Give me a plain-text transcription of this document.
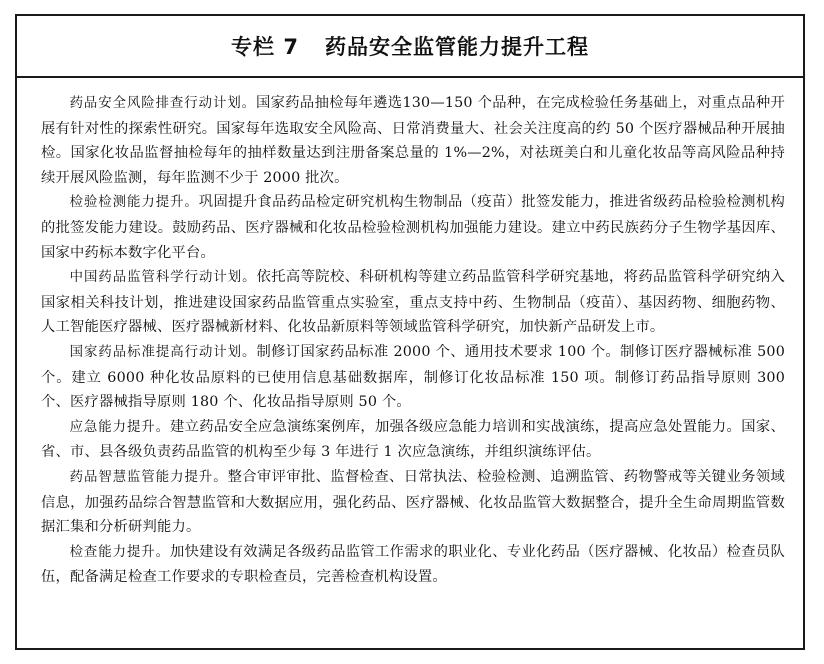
专栏 7 药品安全监管能力提升工程

药品安全风险排查行动计划。国家药品抽检每年遴选130—150 个品种，在完成检验任务基础上，对重点品种开展有针对性的探索性研究。国家每年选取安全风险高、日常消费量大、社会关注度高的约 50 个医疗器械品种开展抽检。国家化妆品监督抽检每年的抽样数量达到注册备案总量的 1%—2%，对祛斑美白和儿童化妆品等高风险品种持续开展风险监测，每年监测不少于 2000 批次。

检验检测能力提升。巩固提升食品药品检定研究机构生物制品（疫苗）批签发能力，推进省级药品检验检测机构的批签发能力建设。鼓励药品、医疗器械和化妆品检验检测机构加强能力建设。建立中药民族药分子生物学基因库、国家中药标本数字化平台。

中国药品监管科学行动计划。依托高等院校、科研机构等建立药品监管科学研究基地，将药品监管科学研究纳入国家相关科技计划，推进建设国家药品监管重点实验室，重点支持中药、生物制品（疫苗）、基因药物、细胞药物、人工智能医疗器械、医疗器械新材料、化妆品新原料等领域监管科学研究，加快新产品研发上市。

国家药品标准提高行动计划。制修订国家药品标准 2000 个、通用技术要求 100 个。制修订医疗器械标准 500 个。建立 6000 种化妆品原料的已使用信息基础数据库，制修订化妆品标准 150 项。制修订药品指导原则 300 个、医疗器械指导原则 180 个、化妆品指导原则 50 个。

应急能力提升。建立药品安全应急演练案例库，加强各级应急能力培训和实战演练，提高应急处置能力。国家、省、市、县各级负责药品监管的机构至少每 3 年进行 1 次应急演练，并组织演练评估。

药品智慧监管能力提升。整合审评审批、监督检查、日常执法、检验检测、追溯监管、药物警戒等关键业务领域信息，加强药品综合智慧监管和大数据应用，强化药品、医疗器械、化妆品监管大数据整合，提升全生命周期监管数据汇集和分析研判能力。

检查能力提升。加快建设有效满足各级药品监管工作需求的职业化、专业化药品（医疗器械、化妆品）检查员队伍，配备满足检查工作要求的专职检查员，完善检查机构设置。
